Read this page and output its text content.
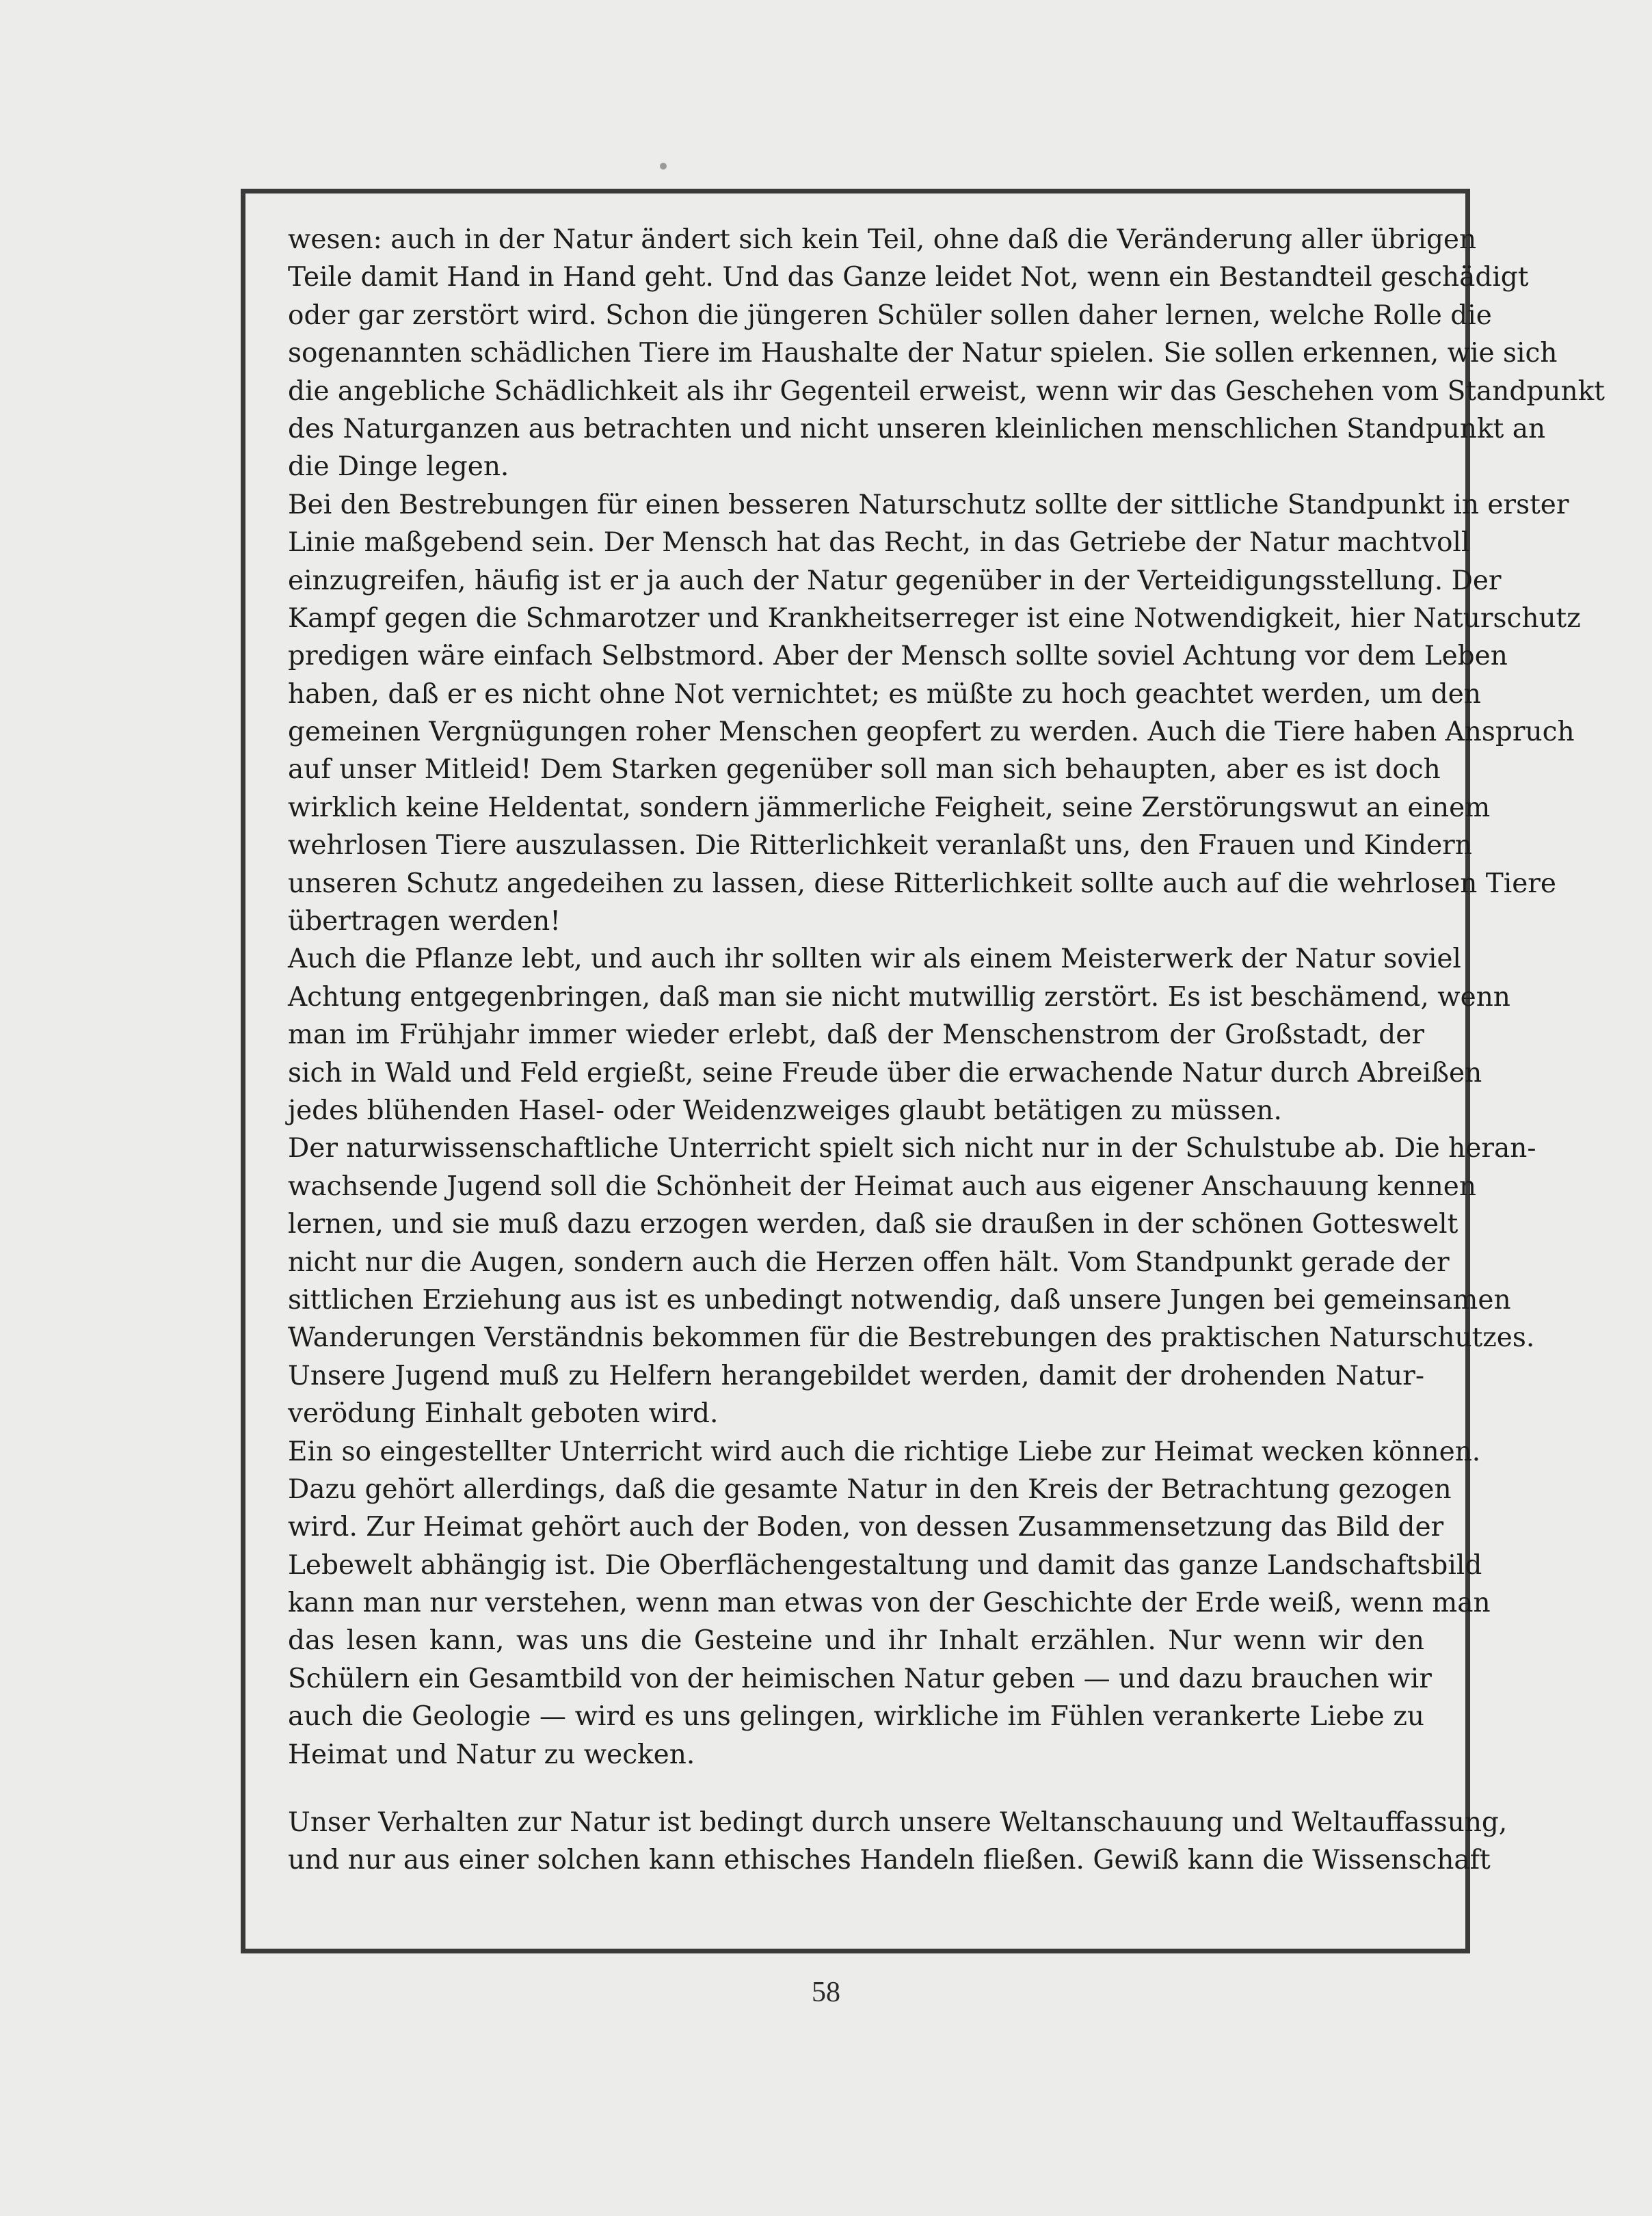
wesen: auch in der Natur ändert sich kein Teil, ohne daß die Veränderung aller übrigen
Teile damit Hand in Hand geht. Und das Ganze leidet Not, wenn ein Bestandteil geschädigt
oder gar zerstört wird. Schon die jüngeren Schüler sollen daher lernen, welche Rolle die
sogenannten schädlichen Tiere im Haushalte der Natur spielen. Sie sollen erkennen, wie sich
die angebliche Schädlichkeit als ihr Gegenteil erweist, wenn wir das Geschehen vom Standpunkt
des Naturganzen aus betrachten und nicht unseren kleinlichen menschlichen Standpunkt an
die Dinge legen.
Bei den Bestrebungen für einen besseren Naturschutz sollte der sittliche Standpunkt in erster
Linie maßgebend sein. Der Mensch hat das Recht, in das Getriebe der Natur machtvoll
einzugreifen, häufig ist er ja auch der Natur gegenüber in der Verteidigungsstellung. Der
Kampf gegen die Schmarotzer und Krankheitserreger ist eine Notwendigkeit, hier Naturschutz
predigen wäre einfach Selbstmord. Aber der Mensch sollte soviel Achtung vor dem Leben
haben, daß er es nicht ohne Not vernichtet; es müßte zu hoch geachtet werden, um den
gemeinen Vergnügungen roher Menschen geopfert zu werden. Auch die Tiere haben Anspruch
auf unser Mitleid! Dem Starken gegenüber soll man sich behaupten, aber es ist doch
wirklich keine Heldentat, sondern jämmerliche Feigheit, seine Zerstörungswut an einem
wehrlosen Tiere auszulassen. Die Ritterlichkeit veranlaßt uns, den Frauen und Kindern
unseren Schutz angedeihen zu lassen, diese Ritterlichkeit sollte auch auf die wehrlosen Tiere
übertragen werden!
Auch die Pflanze lebt, und auch ihr sollten wir als einem Meisterwerk der Natur soviel
Achtung entgegenbringen, daß man sie nicht mutwillig zerstört. Es ist beschämend, wenn
man im Frühjahr immer wieder erlebt, daß der Menschenstrom der Großstadt, der
sich in Wald und Feld ergießt, seine Freude über die erwachende Natur durch Abreißen
jedes blühenden Hasel- oder Weidenzweiges glaubt betätigen zu müssen.
Der naturwissenschaftliche Unterricht spielt sich nicht nur in der Schulstube ab. Die heran-
wachsende Jugend soll die Schönheit der Heimat auch aus eigener Anschauung kennen
lernen, und sie muß dazu erzogen werden, daß sie draußen in der schönen Gotteswelt
nicht nur die Augen, sondern auch die Herzen offen hält. Vom Standpunkt gerade der
sittlichen Erziehung aus ist es unbedingt notwendig, daß unsere Jungen bei gemeinsamen
Wanderungen Verständnis bekommen für die Bestrebungen des praktischen Naturschutzes.
Unsere Jugend muß zu Helfern herangebildet werden, damit der drohenden Natur-
verödung Einhalt geboten wird.
Ein so eingestellter Unterricht wird auch die richtige Liebe zur Heimat wecken können.
Dazu gehört allerdings, daß die gesamte Natur in den Kreis der Betrachtung gezogen
wird. Zur Heimat gehört auch der Boden, von dessen Zusammensetzung das Bild der
Lebewelt abhängig ist. Die Oberflächengestaltung und damit das ganze Landschaftsbild
kann man nur verstehen, wenn man etwas von der Geschichte der Erde weiß, wenn man
das lesen kann, was uns die Gesteine und ihr Inhalt erzählen. Nur wenn wir den
Schülern ein Gesamtbild von der heimischen Natur geben — und dazu brauchen wir
auch die Geologie — wird es uns gelingen, wirkliche im Fühlen verankerte Liebe zu
Heimat und Natur zu wecken.
Unser Verhalten zur Natur ist bedingt durch unsere Weltanschauung und Weltauffassung,
und nur aus einer solchen kann ethisches Handeln fließen. Gewiß kann die Wissenschaft
58
